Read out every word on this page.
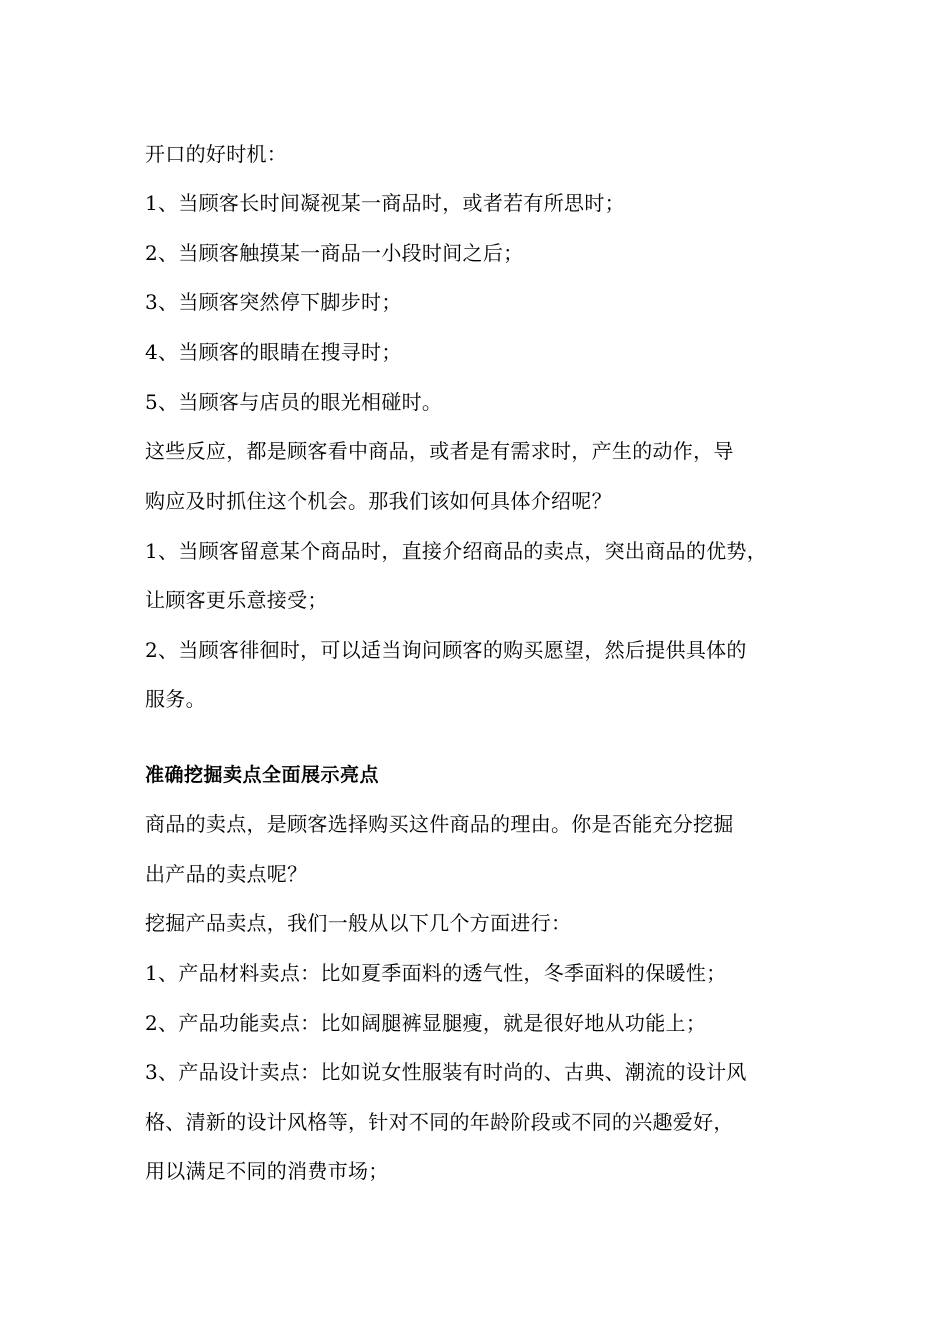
开口的好时机：

1、当顾客长时间凝视某一商品时，或者若有所思时；

2、当顾客触摸某一商品一小段时间之后；

3、当顾客突然停下脚步时；

4、当顾客的眼睛在搜寻时；

5、当顾客与店员的眼光相碰时。

这些反应，都是顾客看中商品，或者是有需求时，产生的动作，导

购应及时抓住这个机会。那我们该如何具体介绍呢？

1、当顾客留意某个商品时，直接介绍商品的卖点，突出商品的优势，

让顾客更乐意接受；

2、当顾客徘徊时，可以适当询问顾客的购买愿望，然后提供具体的

服务。

准确挖掘卖点全面展示亮点

商品的卖点，是顾客选择购买这件商品的理由。你是否能充分挖掘

出产品的卖点呢？

挖掘产品卖点，我们一般从以下几个方面进行：

1、产品材料卖点：比如夏季面料的透气性，冬季面料的保暖性；

2、产品功能卖点：比如阔腿裤显腿瘦，就是很好地从功能上；

3、产品设计卖点：比如说女性服装有时尚的、古典、潮流的设计风

格、清新的设计风格等，针对不同的年龄阶段或不同的兴趣爱好，

用以满足不同的消费市场；
